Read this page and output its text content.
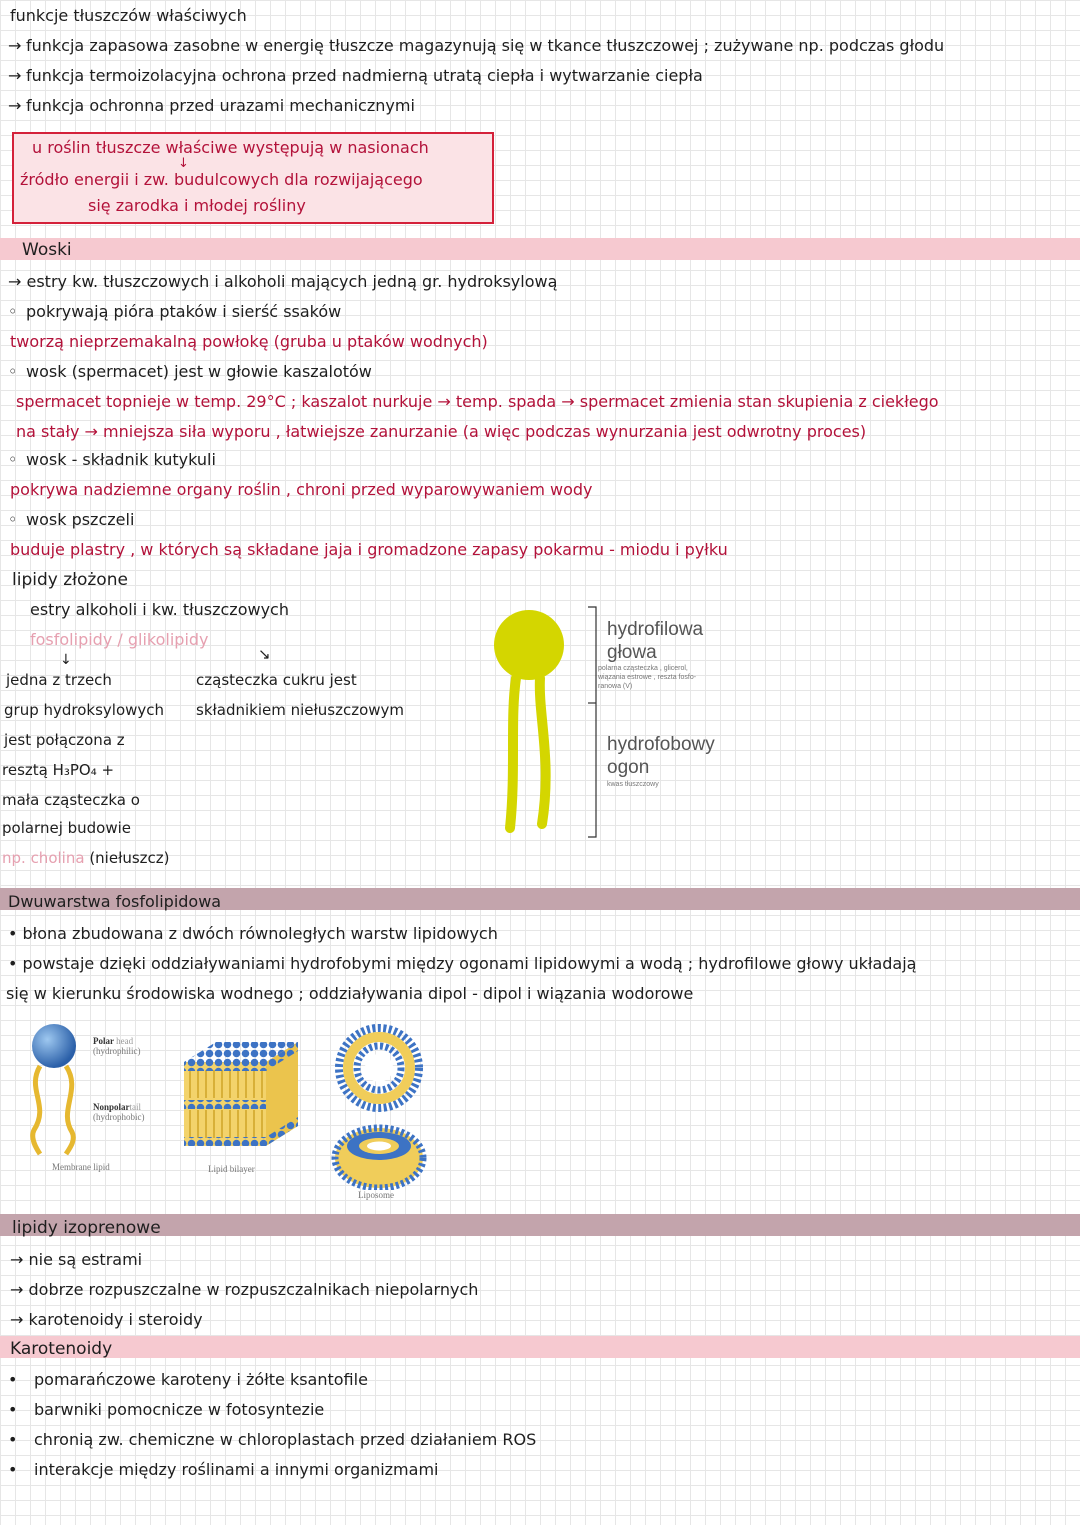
funkcje tłuszczów właściwych
→ funkcja zapasowa zasobne w energię tłuszcze magazynują się w tkance tłuszczowej ; zużywane np. podczas głodu
→ funkcja termoizolacyjna ochrona przed nadmierną utratą ciepła i wytwarzanie ciepła
→ funkcja ochronna przed urazami mechanicznymi
u roślin tłuszcze właściwe występują w nasionach
↓
źródło energii i zw. budulcowych dla rozwijającego
się zarodka i młodej rośliny
Woski
→ estry kw. tłuszczowych i alkoholi mających jedną gr. hydroksylową
◦ pokrywają pióra ptaków i sierść ssaków
tworzą nieprzemakalną powłokę (gruba u ptaków wodnych)
◦ wosk (spermacet) jest w głowie kaszalotów
spermacet topnieje w temp. 29°C ; kaszalot nurkuje → temp. spada → spermacet zmienia stan skupienia z ciekłego
na stały → mniejsza siła wyporu , łatwiejsze zanurzanie (a więc podczas wynurzania jest odwrotny proces)
◦ wosk - składnik kutykuli
pokrywa nadziemne organy roślin , chroni przed wyparowywaniem wody
◦ wosk pszczeli
buduje plastry , w których są składane jaja i gromadzone zapasy pokarmu - miodu i pyłku
lipidy złożone
estry alkoholi i kw. tłuszczowych
fosfolipidy / glikolipidy
↓	↘
jedna z trzech
grup hydroksylowych
jest połączona z
resztą H₃PO₄ +
mała cząsteczka o
polarnej budowie
np. cholina (niełuszcz)
cząsteczka cukru jest
składnikiem niełuszczowym
hydrofilowa
głowa
polarna cząsteczka , glicerol,
wiązania estrowe , reszta fosfo-
ranowa (V)
hydrofobowy
ogon
kwas tłuszczowy
Dwuwarstwa fosfolipidowa
• błona zbudowana z dwóch równoległych warstw lipidowych
• powstaje dzięki oddziaływaniami hydrofobymi między ogonami lipidowymi a wodą ; hydrofilowe głowy układają
się w kierunku środowiska wodnego ; oddziaływania dipol - dipol i wiązania wodorowe
Polar head
(hydrophilic)
Nonpolartail
(hydrophobic)
Membrane lipid	Lipid bilayer
Liposome
lipidy izoprenowe
→ nie są estrami
→ dobrze rozpuszczalne w rozpuszczalnikach niepolarnych
→ karotenoidy i steroidy
Karotenoidy
• pomarańczowe karoteny i żółte ksantofile
• barwniki pomocnicze w fotosyntezie
• chronią zw. chemiczne w chloroplastach przed działaniem ROS
• interakcje między roślinami a innymi organizmami
